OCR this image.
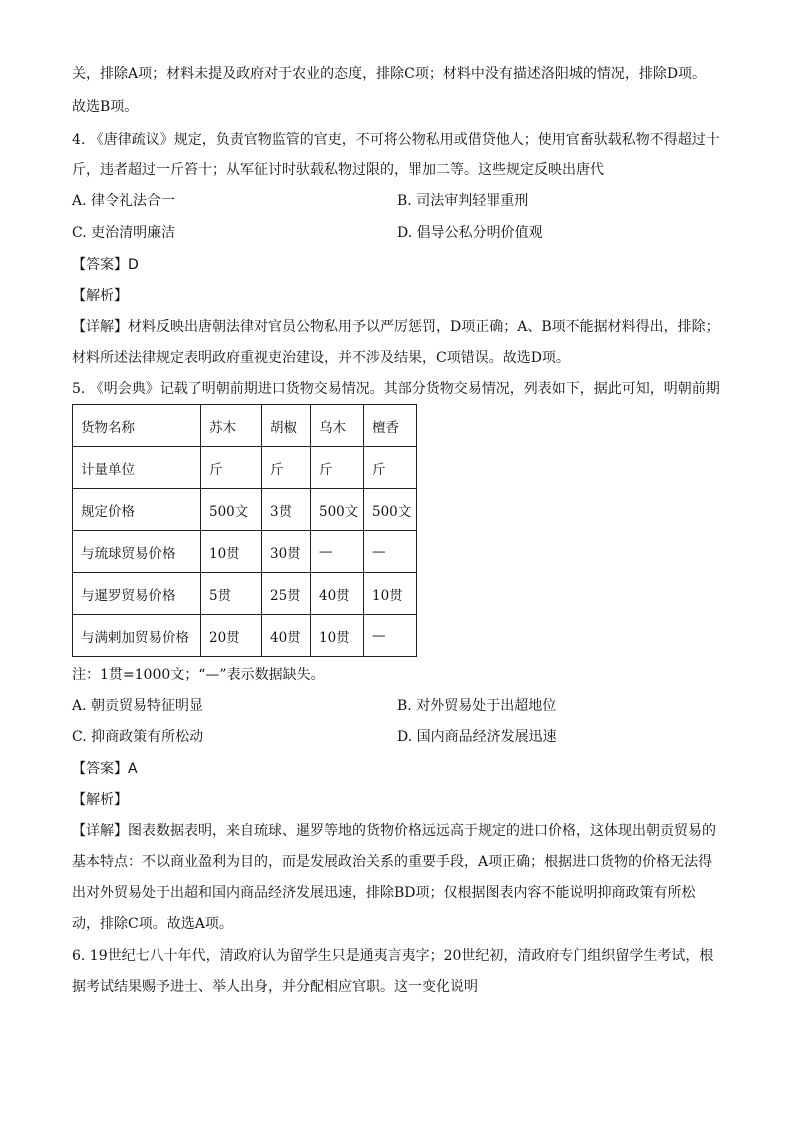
关，排除A项；材料未提及政府对于农业的态度，排除C项；材料中没有描述洛阳城的情况，排除D项。
故选B项。
4. 《唐律疏议》规定，负责官物监管的官吏，不可将公物私用或借贷他人；使用官畜驮载私物不得超过十
斤，违者超过一斤笞十；从军征讨时驮载私物过限的，罪加二等。这些规定反映出唐代
A. 律令礼法合一	B. 司法审判轻罪重刑
C. 吏治清明廉洁	D. 倡导公私分明价值观
【答案】D
【解析】
【详解】材料反映出唐朝法律对官员公物私用予以严厉惩罚，D项正确；A、B项不能据材料得出，排除；
材料所述法律规定表明政府重视吏治建设，并不涉及结果，C项错误。故选D项。
5. 《明会典》记载了明朝前期进口货物交易情况。其部分货物交易情况，列表如下，据此可知，明朝前期
货物名称	苏木	胡椒	乌木	檀香
计量单位	斤	斤	斤	斤
规定价格	500文	3贯	500文	500文
与琉球贸易价格	10贯	30贯	—	—
与暹罗贸易价格	5贯	25贯	40贯	10贯
与满剌加贸易价格	20贯	40贯	10贯	—
注：1贯=1000文；“—”表示数据缺失。
A. 朝贡贸易特征明显	B. 对外贸易处于出超地位
C. 抑商政策有所松动	D. 国内商品经济发展迅速
【答案】A
【解析】
【详解】图表数据表明，来自琉球、暹罗等地的货物价格远远高于规定的进口价格，这体现出朝贡贸易的
基本特点：不以商业盈利为目的，而是发展政治关系的重要手段，A项正确；根据进口货物的价格无法得
出对外贸易处于出超和国内商品经济发展迅速，排除BD项；仅根据图表内容不能说明抑商政策有所松
动，排除C项。故选A项。
6. 19世纪七八十年代，清政府认为留学生只是通夷言夷字；20世纪初，清政府专门组织留学生考试，根
据考试结果赐予进士、举人出身，并分配相应官职。这一变化说明
